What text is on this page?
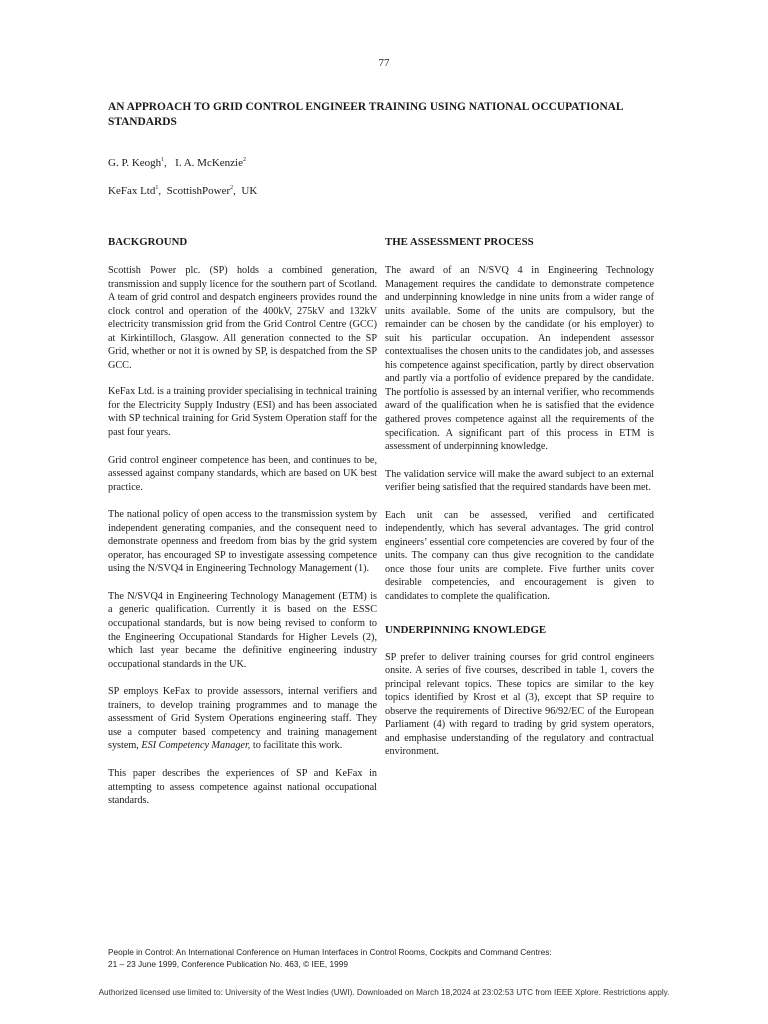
77
AN APPROACH TO GRID CONTROL ENGINEER TRAINING USING NATIONAL OCCUPATIONAL STANDARDS
G. P. Keogh$^1$,   I. A. McKenzie$^2$
KeFax Ltd$^1$,  ScottishPower$^2$,  UK
BACKGROUND

Scottish Power plc. (SP) holds a combined generation, transmission and supply licence for the southern part of Scotland. A team of grid control and despatch engineers provides round the clock control and operation of the 400kV, 275kV and 132kV electricity transmission grid from the Grid Control Centre (GCC) at Kirkintilloch, Glasgow. All generation connected to the SP Grid, whether or not it is owned by SP, is despatched from the SP GCC.

KeFax Ltd. is a training provider specialising in technical training for the Electricity Supply Industry (ESI) and has been associated with SP technical training for Grid System Operation staff for the past four years.

Grid control engineer competence has been, and continues to be, assessed against company standards, which are based on UK best practice.

The national policy of open access to the transmission system by independent generating companies, and the consequent need to demonstrate openness and freedom from bias by the grid system operator, has encouraged SP to investigate assessing competence using the N/SVQ4 in Engineering Technology Management (1).

The N/SVQ4 in Engineering Technology Management (ETM) is a generic qualification. Currently it is based on the ESSC occupational standards, but is now being revised to conform to the Engineering Occupational Standards for Higher Levels (2), which last year became the definitive engineering industry occupational standards in the UK.

SP employs KeFax to provide assessors, internal verifiers and trainers, to develop training programmes and to manage the assessment of Grid System Operations engineering staff. They use a computer based competency and training management system, ESI Competency Manager, to facilitate this work.

This paper describes the experiences of SP and KeFax in attempting to assess competence against national occupational standards.

THE ASSESSMENT PROCESS

The award of an N/SVQ 4 in Engineering Technology Management requires the candidate to demonstrate competence and underpinning knowledge in nine units from a wider range of units available. Some of the units are compulsory, but the remainder can be chosen by the candidate (or his employer) to suit his particular occupation. An independent assessor contextualises the chosen units to the candidates job, and assesses his competence against specification, partly by direct observation and partly via a portfolio of evidence prepared by the candidate. The portfolio is assessed by an internal verifier, who recommends award of the qualification when he is satisfied that the evidence gathered proves competence against all the requirements of the specification. A significant part of this process in ETM is assessment of underpinning knowledge.

The validation service will make the award subject to an external verifier being satisfied that the required standards have been met.

Each unit can be assessed, verified and certificated independently, which has several advantages. The grid control engineers’ essential core competencies are covered by four of the units. The company can thus give recognition to the candidate once those four units are complete. Five further units cover desirable competencies, and encouragement is given to candidates to complete the qualification.

UNDERPINNING KNOWLEDGE

SP prefer to deliver training courses for grid control engineers onsite. A series of five courses, described in table 1, covers the principal relevant topics. These topics are similar to the key topics identified by Krost et al (3), except that SP require to observe the requirements of Directive 96/92/EC of the European Parliament (4) with regard to trading by grid system operators, and emphasise understanding of the regulatory and contractual environment.

People in Control: An International Conference on Human Interfaces in Control Rooms, Cockpits and Command Centres:
21 – 23 June 1999, Conference Publication No. 463, © IEE, 1999
Authorized licensed use limited to: University of the West Indies (UWI). Downloaded on March 18,2024 at 23:02:53 UTC from IEEE Xplore. Restrictions apply.
